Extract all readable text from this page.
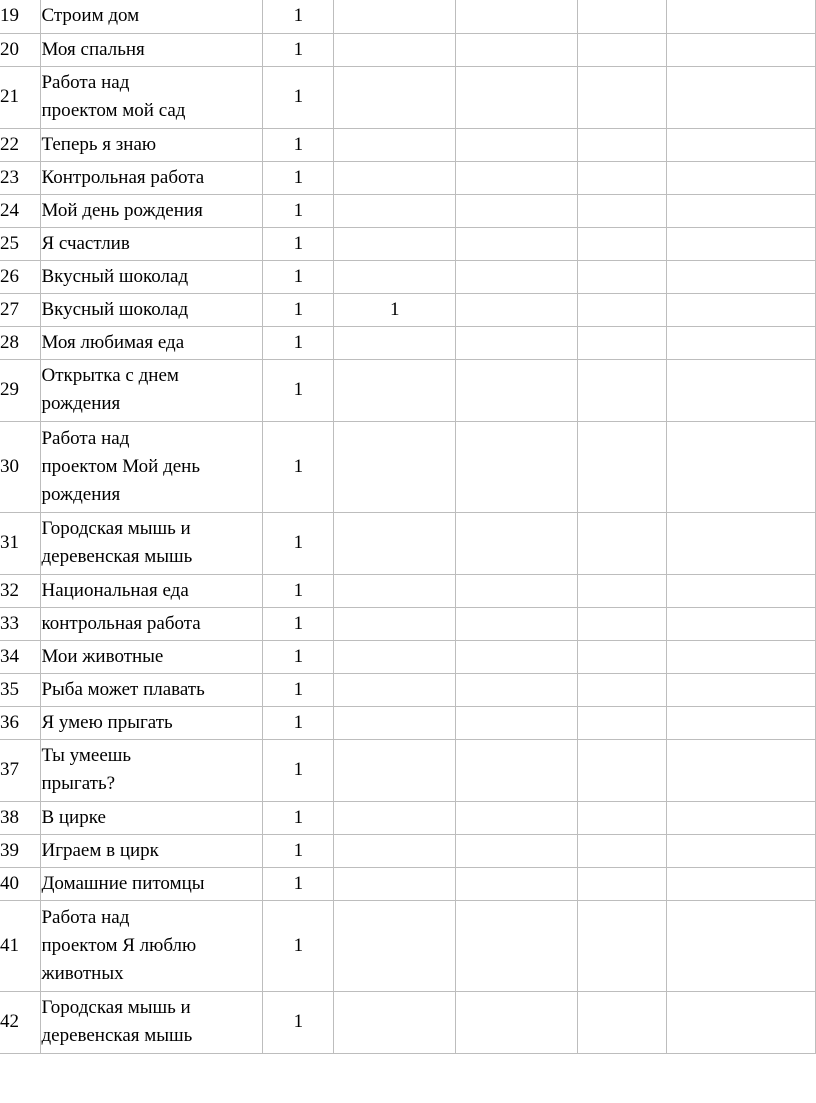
19	Строим дом	1				
20	Моя спальня	1				
21	Работа над
проектом мой сад	1				
22	Теперь я знаю	1				
23	Контрольная работа	1				
24	Мой день рождения	1				
25	Я счастлив	1				
26	Вкусный шоколад	1				
27	Вкусный шоколад	1	1			
28	Моя любимая еда	1				
29	Открытка с днем
рождения	1				
30	Работа над
проектом Мой день
рождения	1				
31	Городская мышь и
деревенская мышь	1				
32	Национальная еда	1				
33	контрольная работа	1				
34	Мои животные	1				
35	Рыба может плавать	1				
36	Я умею прыгать	1				
37	Ты умеешь
прыгать?	1				
38	В цирке	1				
39	Играем в цирк	1				
40	Домашние питомцы	1				
41	Работа над
проектом Я люблю
животных	1				
42	Городская мышь и
деревенская мышь	1				
